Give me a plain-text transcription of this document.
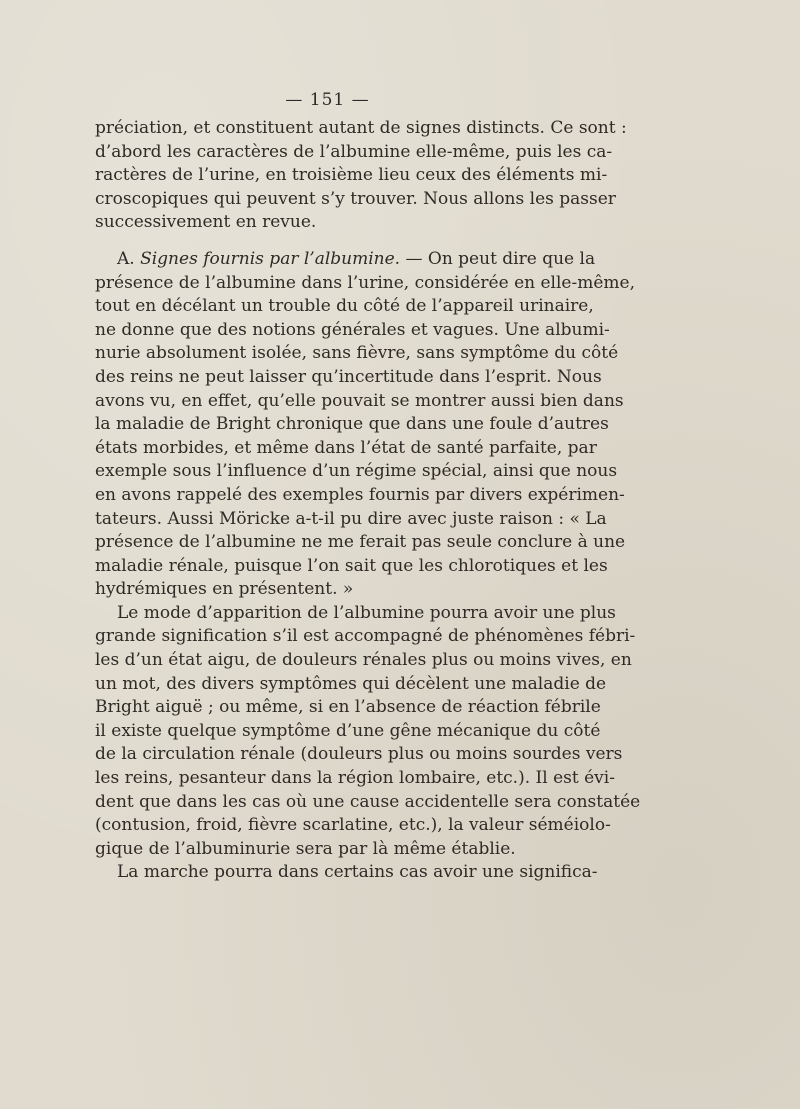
— 151 —
préciation, et constituent autant de signes distincts. Ce sont :
d’abord les caractères de l’albumine elle-même, puis les ca-
ractères de l’urine, en troisième lieu ceux des éléments mi-
croscopiques qui peuvent s’y trouver. Nous allons les passer
successivement en revue.
A. Signes fournis par l’albumine. — On peut dire que la
présence de l’albumine dans l’urine, considérée en elle-même,
tout en décélant un trouble du côté de l’appareil urinaire,
ne donne que des notions générales et vagues. Une albumi-
nurie absolument isolée, sans fièvre, sans symptôme du côté
des reins ne peut laisser qu’incertitude dans l’esprit. Nous
avons vu, en effet, qu’elle pouvait se montrer aussi bien dans
la maladie de Bright chronique que dans une foule d’autres
états morbides, et même dans l’état de santé parfaite, par
exemple sous l’influence d’un régime spécial, ainsi que nous
en avons rappelé des exemples fournis par divers expérimen-
tateurs. Aussi Möricke a-t-il pu dire avec juste raison : « La
présence de l’albumine ne me ferait pas seule conclure à une
maladie rénale, puisque l’on sait que les chlorotiques et les
hydrémiques en présentent. »
Le mode d’apparition de l’albumine pourra avoir une plus
grande signification s’il est accompagné de phénomènes fébri-
les d’un état aigu, de douleurs rénales plus ou moins vives, en
un mot, des divers symptômes qui décèlent une maladie de
Bright aiguë ; ou même, si en l’absence de réaction fébrile
il existe quelque symptôme d’une gêne mécanique du côté
de la circulation rénale (douleurs plus ou moins sourdes vers
les reins, pesanteur dans la région lombaire, etc.). Il est évi-
dent que dans les cas où une cause accidentelle sera constatée
(contusion, froid, fièvre scarlatine, etc.), la valeur séméiolo-
gique de l’albuminurie sera par là même établie.
La marche pourra dans certains cas avoir une significa-
